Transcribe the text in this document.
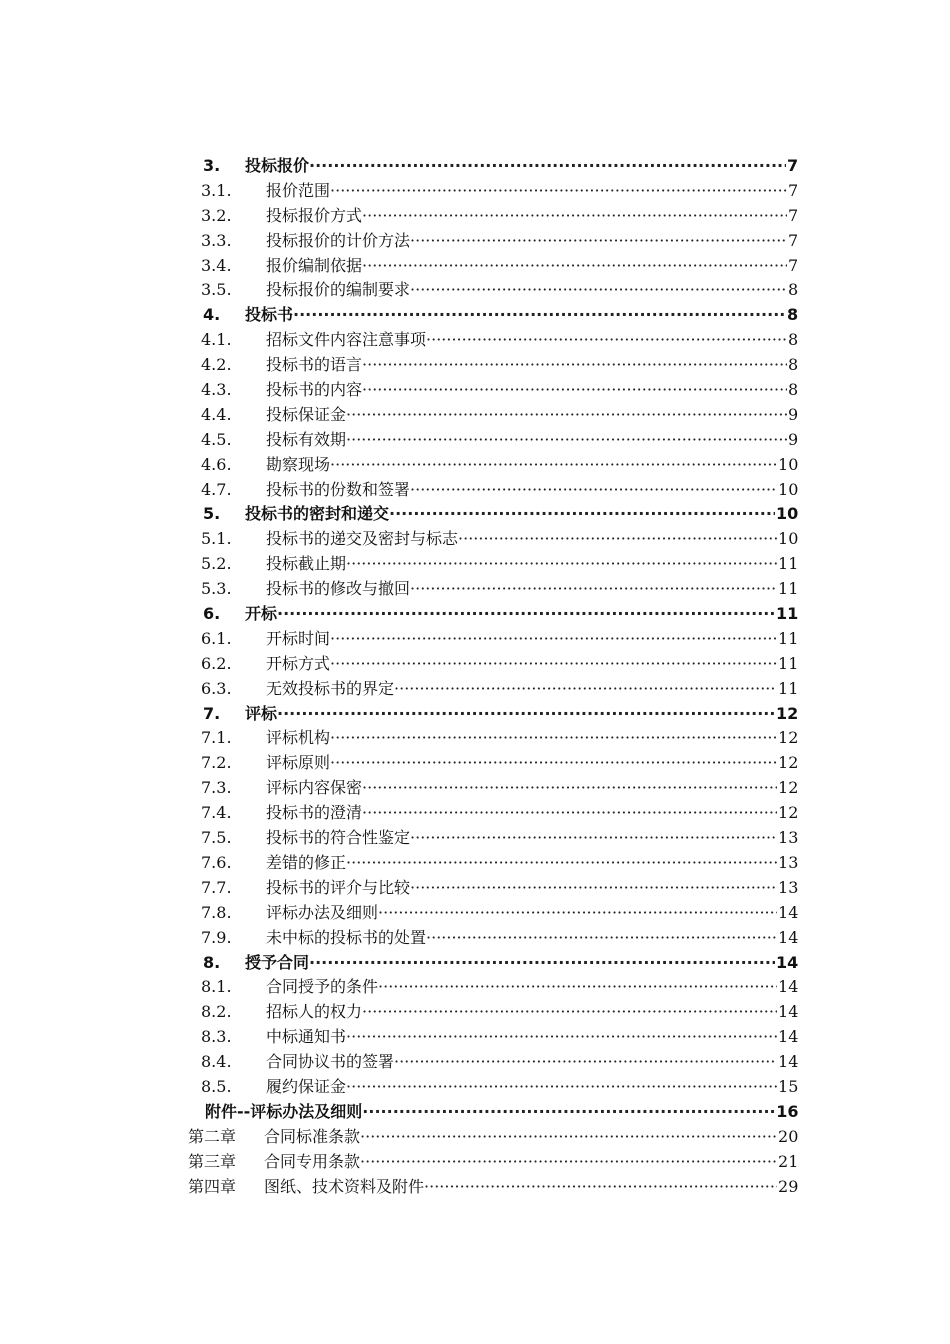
3. 投标报价 ·····	7
3.1. 报价范围 ·····	7
3.2. 投标报价方式 ·····	7
3.3. 投标报价的计价方法 ·····	7
3.4. 报价编制依据 ·····	7
3.5. 投标报价的编制要求 ·····	8
4. 投标书 ·····	8
4.1. 招标文件内容注意事项 ·····	8
4.2. 投标书的语言 ·····	8
4.3. 投标书的内容 ·····	8
4.4. 投标保证金 ·····	9
4.5. 投标有效期 ·····	9
4.6. 勘察现场 ·····	10
4.7. 投标书的份数和签署 ·····	10
5. 投标书的密封和递交 ·····	10
5.1. 投标书的递交及密封与标志 ·····	10
5.2. 投标截止期 ·····	11
5.3. 投标书的修改与撤回 ·····	11
6. 开标 ·····	11
6.1. 开标时间 ·····	11
6.2. 开标方式 ·····	11
6.3. 无效投标书的界定 ·····	11
7. 评标 ·····	12
7.1. 评标机构 ·····	12
7.2. 评标原则 ·····	12
7.3. 评标内容保密 ·····	12
7.4. 投标书的澄清 ·····	12
7.5. 投标书的符合性鉴定 ·····	13
7.6. 差错的修正 ·····	13
7.7. 投标书的评介与比较 ·····	13
7.8. 评标办法及细则 ·····	14
7.9. 未中标的投标书的处置 ·····	14
8. 授予合同 ·····	14
8.1. 合同授予的条件 ·····	14
8.2. 招标人的权力 ·····	14
8.3. 中标通知书 ·····	14
8.4. 合同协议书的签署 ·····	14
8.5. 履约保证金 ·····	15
附件--评标办法及细则 ·····	16
第二章 合同标准条款 ·····	20
第三章 合同专用条款 ·····	21
第四章 图纸、技术资料及附件 ·····	29
